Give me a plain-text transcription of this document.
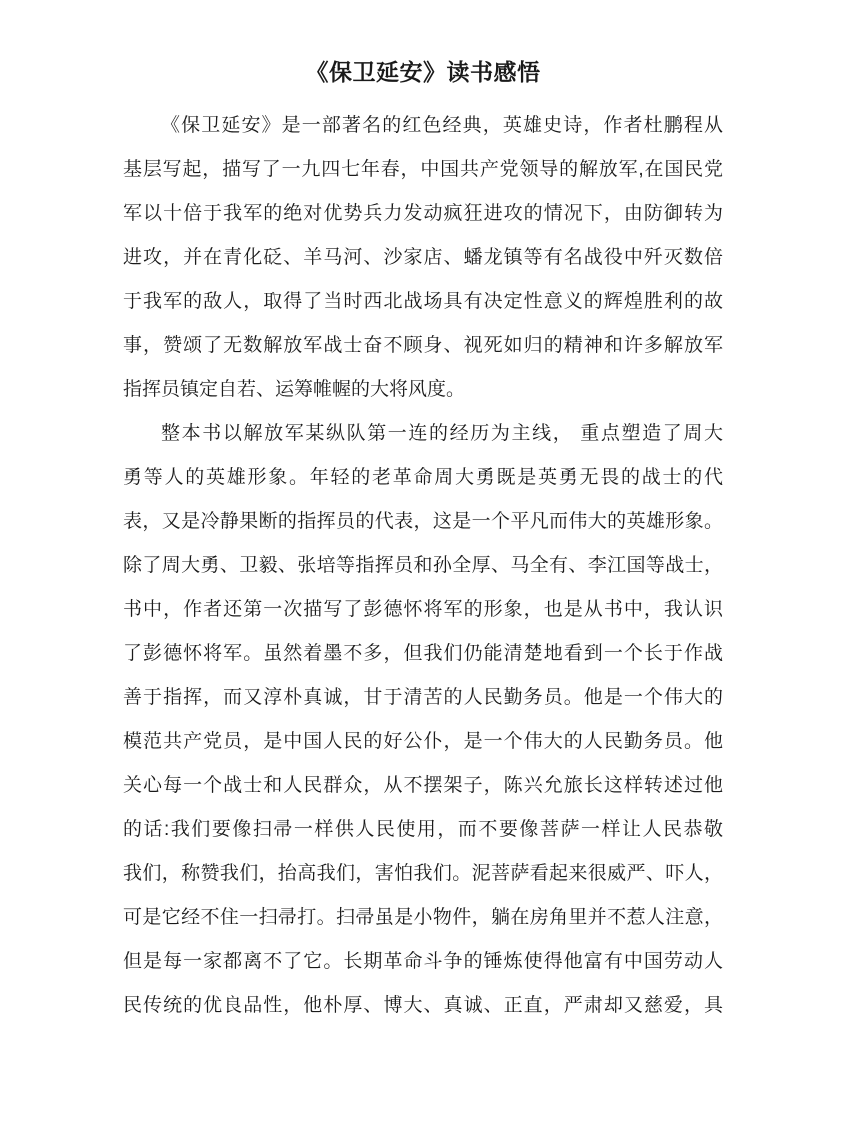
《保卫延安》读书感悟
《保卫延安》是一部著名的红色经典，英雄史诗，作者杜鹏程从
基层写起，描写了一九四七年春，中国共产党领导的解放军,在国民党
军以十倍于我军的绝对优势兵力发动疯狂进攻的情况下，由防御转为
进攻，并在青化砭、羊马河、沙家店、蟠龙镇等有名战役中歼灭数倍
于我军的敌人，取得了当时西北战场具有决定性意义的辉煌胜利的故
事，赞颂了无数解放军战士奋不顾身、视死如归的精神和许多解放军
指挥员镇定自若、运筹帷幄的大将风度。
整本书以解放军某纵队第一连的经历为主线， 重点塑造了周大
勇等人的英雄形象。年轻的老革命周大勇既是英勇无畏的战士的代
表，又是冷静果断的指挥员的代表，这是一个平凡而伟大的英雄形象。
除了周大勇、卫毅、张培等指挥员和孙全厚、马全有、李江国等战士，
书中，作者还第一次描写了彭德怀将军的形象，也是从书中，我认识
了彭德怀将军。虽然着墨不多，但我们仍能清楚地看到一个长于作战
善于指挥，而又淳朴真诚，甘于清苦的人民勤务员。他是一个伟大的
模范共产党员，是中国人民的好公仆，是一个伟大的人民勤务员。他
关心每一个战士和人民群众，从不摆架子，陈兴允旅长这样转述过他
的话:我们要像扫帚一样供人民使用，而不要像菩萨一样让人民恭敬
我们，称赞我们，抬高我们，害怕我们。泥菩萨看起来很威严、吓人，
可是它经不住一扫帚打。扫帚虽是小物件，躺在房角里并不惹人注意，
但是每一家都离不了它。长期革命斗争的锤炼使得他富有中国劳动人
民传统的优良品性，他朴厚、博大、真诚、正直，严肃却又慈爱，具
